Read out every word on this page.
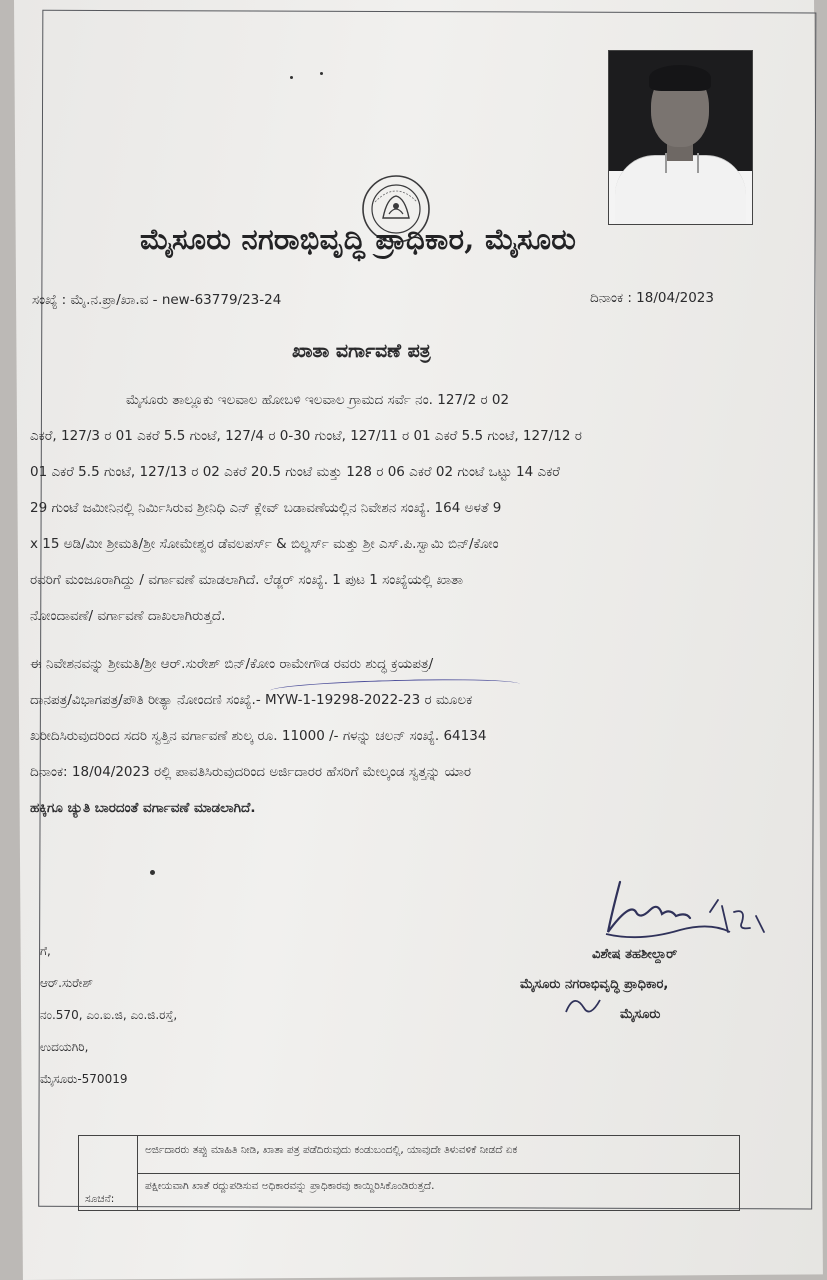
ಮೈಸೂರು ನಗರಾಭಿವೃದ್ಧಿ ಪ್ರಾಧಿಕಾರ, ಮೈಸೂರು
ಸಂಖ್ಯೆ : ಮೈ.ನ.ಪ್ರಾ/ಖಾ.ವ - new-63779/23-24	ದಿನಾಂಕ : 18/04/2023
ಖಾತಾ ವರ್ಗಾವಣೆ ಪತ್ರ
ಮೈಸೂರು ತಾಲ್ಲೂಕು ಇಲವಾಲ ಹೋಬಳಿ ಇಲವಾಲ ಗ್ರಾಮದ ಸರ್ವೆ ನಂ. 127/2 ರ 02
ಎಕರೆ, 127/3 ರ 01 ಎಕರೆ 5.5 ಗುಂಟೆ, 127/4 ರ 0-30 ಗುಂಟೆ, 127/11 ರ 01 ಎಕರೆ 5.5 ಗುಂಟೆ, 127/12 ರ
01 ಎಕರೆ 5.5 ಗುಂಟೆ, 127/13 ರ 02 ಎಕರೆ 20.5 ಗುಂಟೆ ಮತ್ತು 128 ರ 06 ಎಕರೆ 02 ಗುಂಟೆ ಒಟ್ಟು 14 ಎಕರೆ
29 ಗುಂಟೆ ಜಮೀನಿನಲ್ಲಿ ನಿರ್ಮಿಸಿರುವ ಶ್ರೀನಿಧಿ ಎನ್ ಕ್ಲೇವ್ ಬಡಾವಣೆಯಲ್ಲಿನ ನಿವೇಶನ ಸಂಖ್ಯೆ. 164 ಅಳತೆ 9
x 15 ಅಡಿ/ಮೀ ಶ್ರೀಮತಿ/ಶ್ರೀ ಸೋಮೇಶ್ವರ ಡೆವಲಪರ್ಸ್ & ಬಿಲ್ಡರ್ಸ್ ಮತ್ತು ಶ್ರೀ ಎಸ್.ಪಿ.ಸ್ವಾಮಿ ಬಿನ್/ಕೋಂ
ರವರಿಗೆ ಮಂಜೂರಾಗಿದ್ದು / ವರ್ಗಾವಣೆ ಮಾಡಲಾಗಿದೆ. ಲೆಡ್ಜರ್ ಸಂಖ್ಯೆ. 1 ಪುಟ 1 ಸಂಖ್ಯೆಯಲ್ಲಿ ಖಾತಾ
ನೋಂದಾವಣೆ/ ವರ್ಗಾವಣೆ ದಾಖಲಾಗಿರುತ್ತದೆ.
ಈ ನಿವೇಶನವನ್ನು ಶ್ರೀಮತಿ/ಶ್ರೀ ಆರ್.ಸುರೇಶ್ ಬಿನ್/ಕೋಂ ರಾಮೇಗೌಡ ರವರು ಶುದ್ಧ ಕ್ರಯಪತ್ರ/
ದಾನಪತ್ರ/ವಿಭಾಗಪತ್ರ/ಪೌತಿ ರೀತ್ಯಾ ನೋಂದಣಿ ಸಂಖ್ಯೆ.- MYW-1-19298-2022-23 ರ ಮೂಲಕ
ಖರೀದಿಸಿರುವುದರಿಂದ ಸದರಿ ಸ್ವತ್ತಿನ ವರ್ಗಾವಣೆ ಶುಲ್ಕ ರೂ. 11000 /- ಗಳನ್ನು ಚಲನ್ ಸಂಖ್ಯೆ. 64134
ದಿನಾಂಕ: 18/04/2023 ರಲ್ಲಿ ಪಾವತಿಸಿರುವುದರಿಂದ ಅರ್ಜಿದಾರರ ಹೆಸರಿಗೆ ಮೇಲ್ಕಂಡ ಸ್ವತ್ತನ್ನು ಯಾರ
ಹಕ್ಕಿಗೂ ಚ್ಯುತಿ ಬಾರದಂತೆ ವರ್ಗಾವಣೆ ಮಾಡಲಾಗಿದೆ.
ಗೆ,
ಆರ್.ಸುರೇಶ್
ನಂ.570, ಎಂ.ಐ.ಜಿ, ಎಂ.ಜಿ.ರಸ್ತೆ,
ಉದಯಗಿರಿ,
ಮೈಸೂರು-570019
ವಿಶೇಷ ತಹಶೀಲ್ದಾರ್
ಮೈಸೂರು ನಗರಾಭಿವೃದ್ಧಿ ಪ್ರಾಧಿಕಾರ,
ಮೈಸೂರು
ಸೂಚನೆ:
ಅರ್ಜಿದಾರರು ತಪ್ಪು ಮಾಹಿತಿ ನೀಡಿ, ಖಾತಾ ಪತ್ರ ಪಡೆದಿರುವುದು ಕಂಡುಬಂದಲ್ಲಿ, ಯಾವುದೇ ತಿಳುವಳಿಕೆ ನೀಡದೆ ಏಕ
ಪಕ್ಷೀಯವಾಗಿ ಖಾತೆ ರದ್ದುಪಡಿಸುವ ಅಧಿಕಾರವನ್ನು ಪ್ರಾಧಿಕಾರವು ಕಾಯ್ದಿರಿಸಿಕೊಂಡಿರುತ್ತದೆ.
